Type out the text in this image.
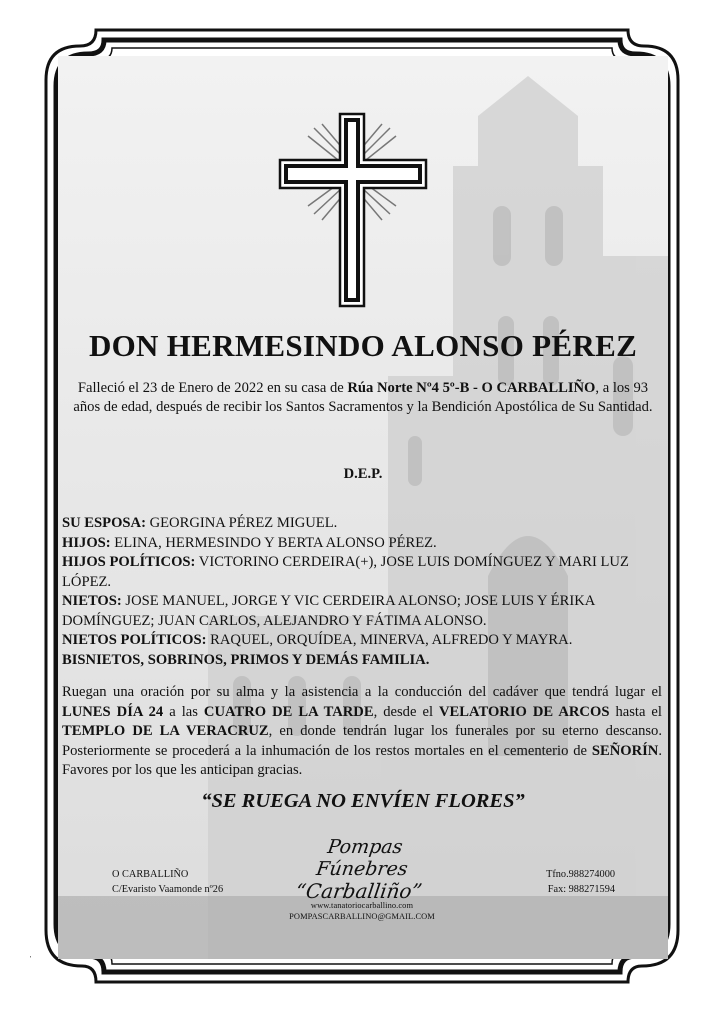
DON HERMESINDO ALONSO PÉREZ
Falleció el 23 de Enero de 2022 en su casa de Rúa Norte Nº4 5º-B - O CARBALLIÑO, a los 93 años de edad, después de recibir los Santos Sacramentos y la Bendición Apostólica de Su Santidad.
D.E.P.
SU ESPOSA: GEORGINA PÉREZ MIGUEL.
HIJOS: ELINA, HERMESINDO Y BERTA ALONSO PÉREZ.
HIJOS POLÍTICOS: VICTORINO CERDEIRA(+), JOSE LUIS DOMÍNGUEZ Y MARI LUZ LÓPEZ.
NIETOS: JOSE MANUEL, JORGE Y VIC CERDEIRA ALONSO; JOSE LUIS Y ÉRIKA DOMÍNGUEZ; JUAN CARLOS, ALEJANDRO Y FÁTIMA ALONSO.
NIETOS POLÍTICOS: RAQUEL, ORQUÍDEA, MINERVA, ALFREDO Y MAYRA.
BISNIETOS, SOBRINOS, PRIMOS Y DEMÁS FAMILIA.
Ruegan una oración por su alma y la asistencia a la conducción del cadáver que tendrá lugar el LUNES DÍA 24 a las CUATRO DE LA TARDE, desde el VELATORIO DE ARCOS hasta el TEMPLO DE LA VERACRUZ, en donde tendrán lugar los funerales por su eterno descanso. Posteriormente se procederá a la inhumación de los restos mortales en el cementerio de SEÑORÍN. Favores por los que les anticipan gracias.
“SE RUEGA NO ENVÍEN FLORES”
O CARBALLIÑO
C/Evaristo Vaamonde nº26
Pompas Fúnebres
“Carballiño”
www.tanatoriocarballino.com
POMPASCARBALLINO@GMAIL.COM
Tfno.988274000
Fax: 988271594
'
